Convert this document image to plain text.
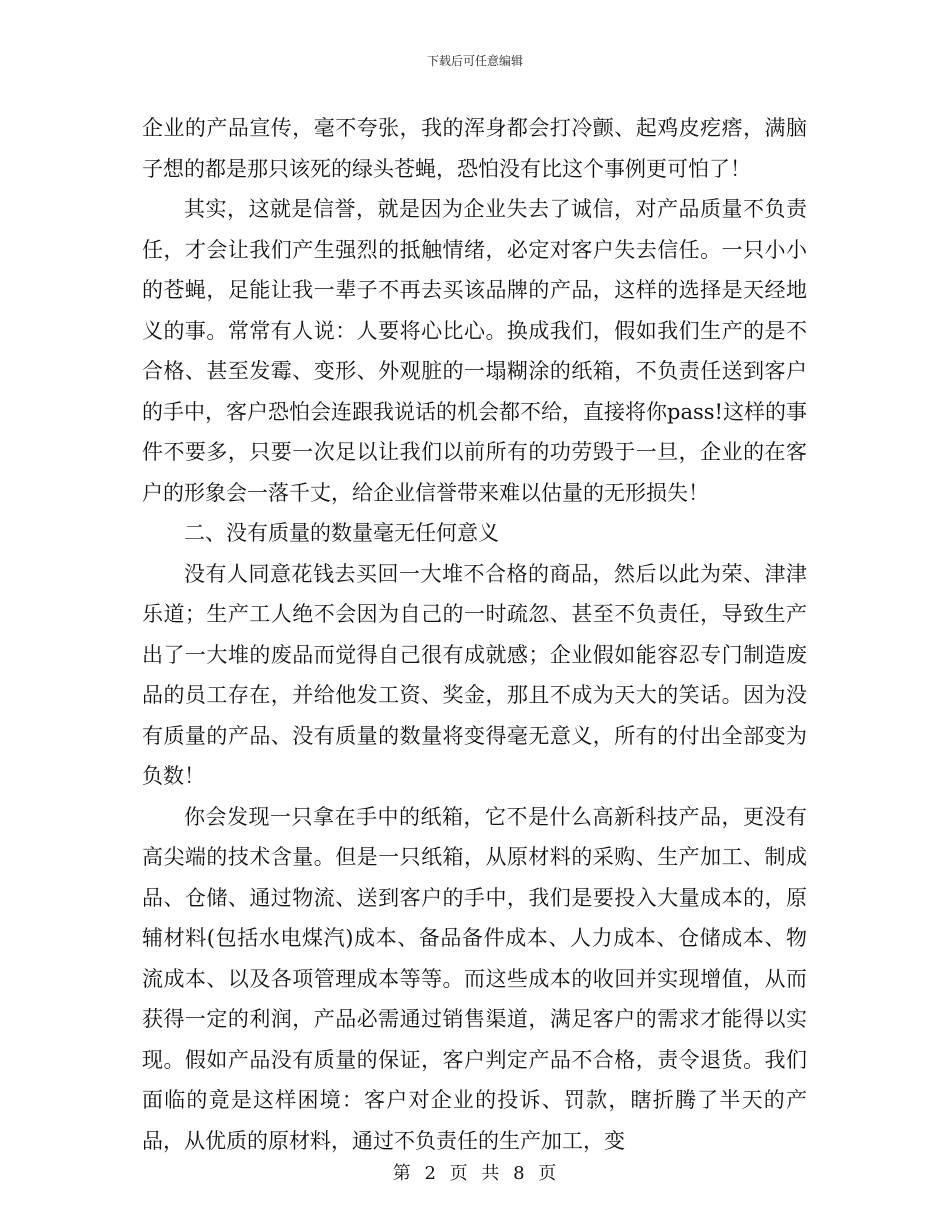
下载后可任意编辑

企业的产品宣传，毫不夸张，我的浑身都会打冷颤、起鸡皮疙瘩，满脑子想的都是那只该死的绿头苍蝇，恐怕没有比这个事例更可怕了！

其实，这就是信誉，就是因为企业失去了诚信，对产品质量不负责任，才会让我们产生强烈的抵触情绪，必定对客户失去信任。一只小小的苍蝇，足能让我一辈子不再去买该品牌的产品，这样的选择是天经地义的事。常常有人说：人要将心比心。换成我们，假如我们生产的是不合格、甚至发霉、变形、外观脏的一塌糊涂的纸箱，不负责任送到客户的手中，客户恐怕会连跟我说话的机会都不给，直接将你pass!这样的事件不要多，只要一次足以让我们以前所有的功劳毁于一旦，企业的在客户的形象会一落千丈，给企业信誉带来难以估量的无形损失！

二、没有质量的数量毫无任何意义

没有人同意花钱去买回一大堆不合格的商品，然后以此为荣、津津乐道；生产工人绝不会因为自己的一时疏忽、甚至不负责任，导致生产出了一大堆的废品而觉得自己很有成就感；企业假如能容忍专门制造废品的员工存在，并给他发工资、奖金，那且不成为天大的笑话。因为没有质量的产品、没有质量的数量将变得毫无意义，所有的付出全部变为负数！

你会发现一只拿在手中的纸箱，它不是什么高新科技产品，更没有高尖端的技术含量。但是一只纸箱，从原材料的采购、生产加工、制成品、仓储、通过物流、送到客户的手中，我们是要投入大量成本的，原辅材料(包括水电煤汽)成本、备品备件成本、人力成本、仓储成本、物流成本、以及各项管理成本等等。而这些成本的收回并实现增值，从而获得一定的利润，产品必需通过销售渠道，满足客户的需求才能得以实现。假如产品没有质量的保证，客户判定产品不合格，责令退货。我们面临的竟是这样困境：客户对企业的投诉、罚款，瞎折腾了半天的产品，从优质的原材料，通过不负责任的生产加工，变

第 2 页 共 8 页
